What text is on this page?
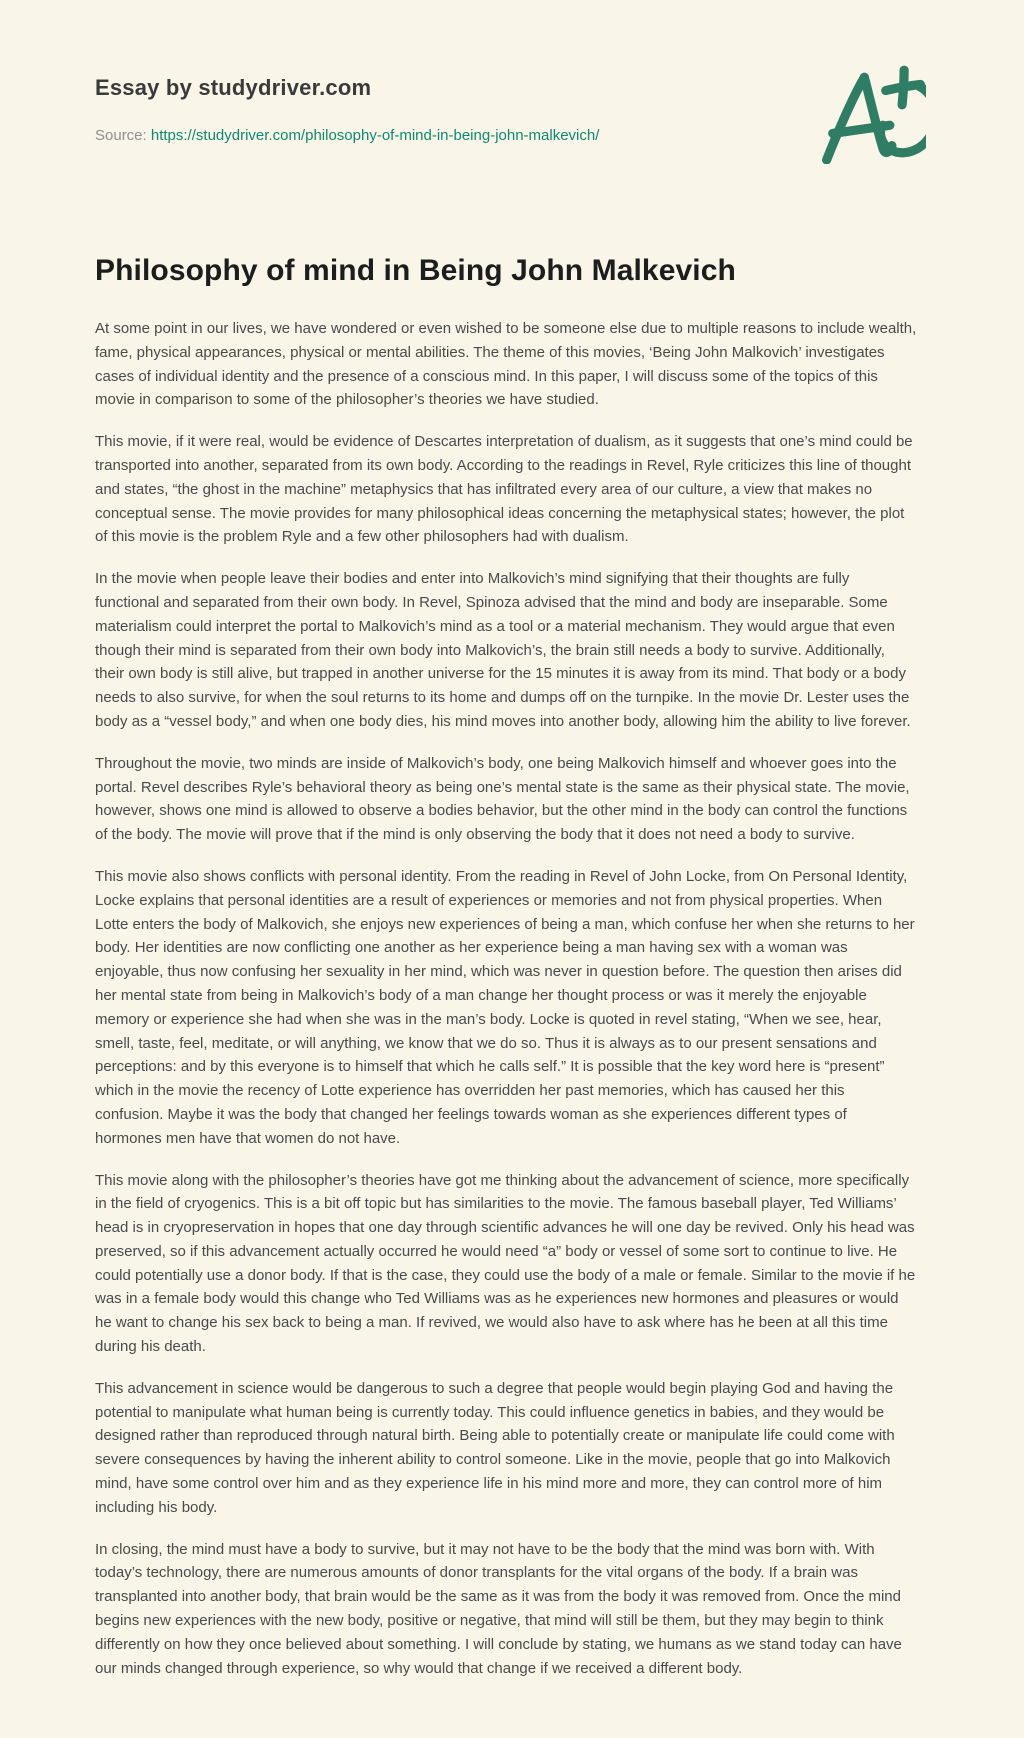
Essay by studydriver.com
Source: https://studydriver.com/philosophy-of-mind-in-being-john-malkevich/
Philosophy of mind in Being John Malkevich

At some point in our lives, we have wondered or even wished to be someone else due to multiple reasons to include wealth, fame, physical appearances, physical or mental abilities. The theme of this movies, ‘Being John Malkovich’ investigates cases of individual identity and the presence of a conscious mind. In this paper, I will discuss some of the topics of this movie in comparison to some of the philosopher’s theories we have studied.

This movie, if it were real, would be evidence of Descartes interpretation of dualism, as it suggests that one’s mind could be transported into another, separated from its own body. According to the readings in Revel, Ryle criticizes this line of thought and states, “the ghost in the machine” metaphysics that has infiltrated every area of our culture, a view that makes no conceptual sense. The movie provides for many philosophical ideas concerning the metaphysical states; however, the plot of this movie is the problem Ryle and a few other philosophers had with dualism.

In the movie when people leave their bodies and enter into Malkovich’s mind signifying that their thoughts are fully functional and separated from their own body. In Revel, Spinoza advised that the mind and body are inseparable. Some materialism could interpret the portal to Malkovich’s mind as a tool or a material mechanism. They would argue that even though their mind is separated from their own body into Malkovich’s, the brain still needs a body to survive. Additionally, their own body is still alive, but trapped in another universe for the 15 minutes it is away from its mind. That body or a body needs to also survive, for when the soul returns to its home and dumps off on the turnpike. In the movie Dr. Lester uses the body as a “vessel body,” and when one body dies, his mind moves into another body, allowing him the ability to live forever.

Throughout the movie, two minds are inside of Malkovich’s body, one being Malkovich himself and whoever goes into the portal. Revel describes Ryle’s behavioral theory as being one’s mental state is the same as their physical state. The movie, however, shows one mind is allowed to observe a bodies behavior, but the other mind in the body can control the functions of the body. The movie will prove that if the mind is only observing the body that it does not need a body to survive.

This movie also shows conflicts with personal identity. From the reading in Revel of John Locke, from On Personal Identity, Locke explains that personal identities are a result of experiences or memories and not from physical properties. When Lotte enters the body of Malkovich, she enjoys new experiences of being a man, which confuse her when she returns to her body. Her identities are now conflicting one another as her experience being a man having sex with a woman was enjoyable, thus now confusing her sexuality in her mind, which was never in question before. The question then arises did her mental state from being in Malkovich’s body of a man change her thought process or was it merely the enjoyable memory or experience she had when she was in the man’s body. Locke is quoted in revel stating, “When we see, hear, smell, taste, feel, meditate, or will anything, we know that we do so. Thus it is always as to our present sensations and perceptions: and by this everyone is to himself that which he calls self.” It is possible that the key word here is “present” which in the movie the recency of Lotte experience has overridden her past memories, which has caused her this confusion. Maybe it was the body that changed her feelings towards woman as she experiences different types of hormones men have that women do not have.

This movie along with the philosopher’s theories have got me thinking about the advancement of science, more specifically in the field of cryogenics. This is a bit off topic but has similarities to the movie. The famous baseball player, Ted Williams’ head is in cryopreservation in hopes that one day through scientific advances he will one day be revived. Only his head was preserved, so if this advancement actually occurred he would need “a” body or vessel of some sort to continue to live. He could potentially use a donor body. If that is the case, they could use the body of a male or female. Similar to the movie if he was in a female body would this change who Ted Williams was as he experiences new hormones and pleasures or would he want to change his sex back to being a man. If revived, we would also have to ask where has he been at all this time during his death.

This advancement in science would be dangerous to such a degree that people would begin playing God and having the potential to manipulate what human being is currently today. This could influence genetics in babies, and they would be designed rather than reproduced through natural birth. Being able to potentially create or manipulate life could come with severe consequences by having the inherent ability to control someone. Like in the movie, people that go into Malkovich mind, have some control over him and as they experience life in his mind more and more, they can control more of him including his body.

In closing, the mind must have a body to survive, but it may not have to be the body that the mind was born with. With today’s technology, there are numerous amounts of donor transplants for the vital organs of the body. If a brain was transplanted into another body, that brain would be the same as it was from the body it was removed from. Once the mind begins new experiences with the new body, positive or negative, that mind will still be them, but they may begin to think differently on how they once believed about something. I will conclude by stating, we humans as we stand today can have our minds changed through experience, so why would that change if we received a different body.
